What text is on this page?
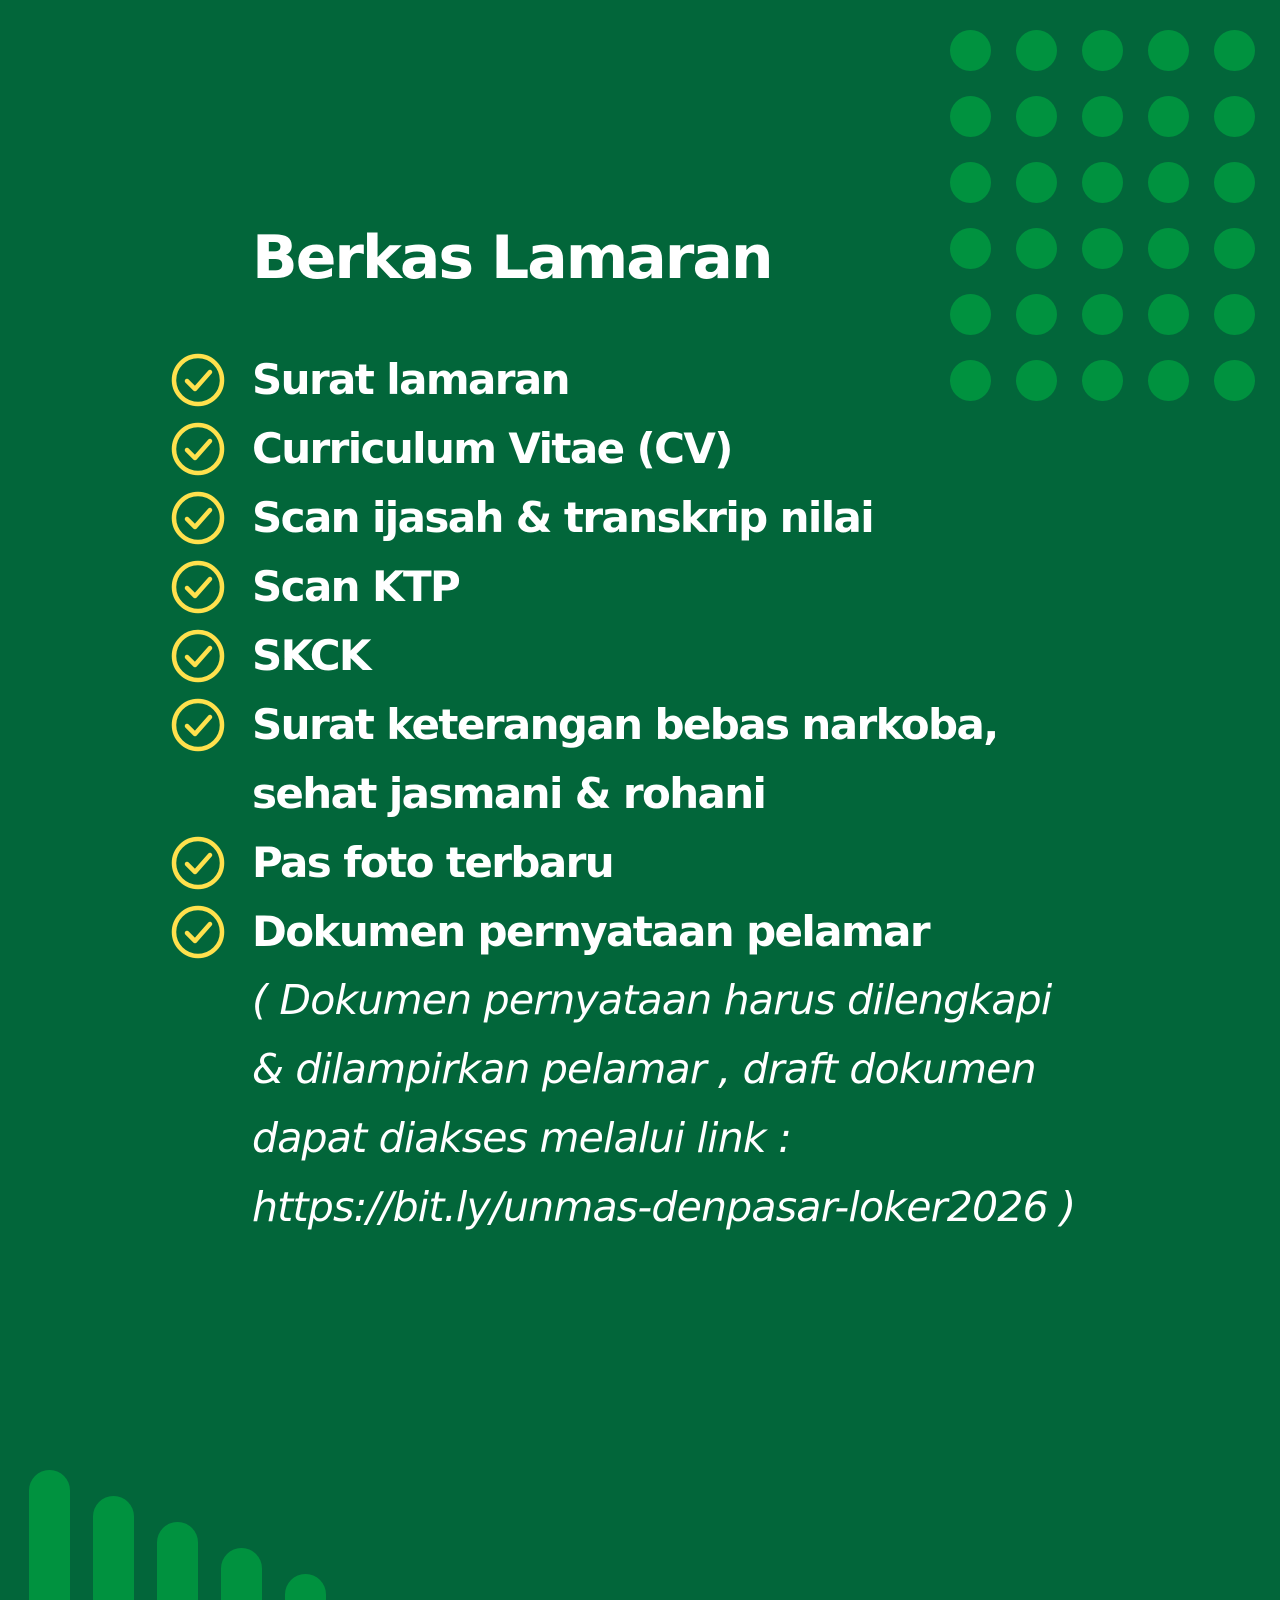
Berkas Lamaran
Surat lamaran
Curriculum Vitae (CV)
Scan ijasah & transkrip nilai
Scan KTP
SKCK
Surat keterangan bebas narkoba,
sehat jasmani & rohani
Pas foto terbaru
Dokumen pernyataan pelamar
( Dokumen pernyataan harus dilengkapi
& dilampirkan pelamar , draft dokumen
dapat diakses melalui link :
https://bit.ly/unmas-denpasar-loker2026 )
